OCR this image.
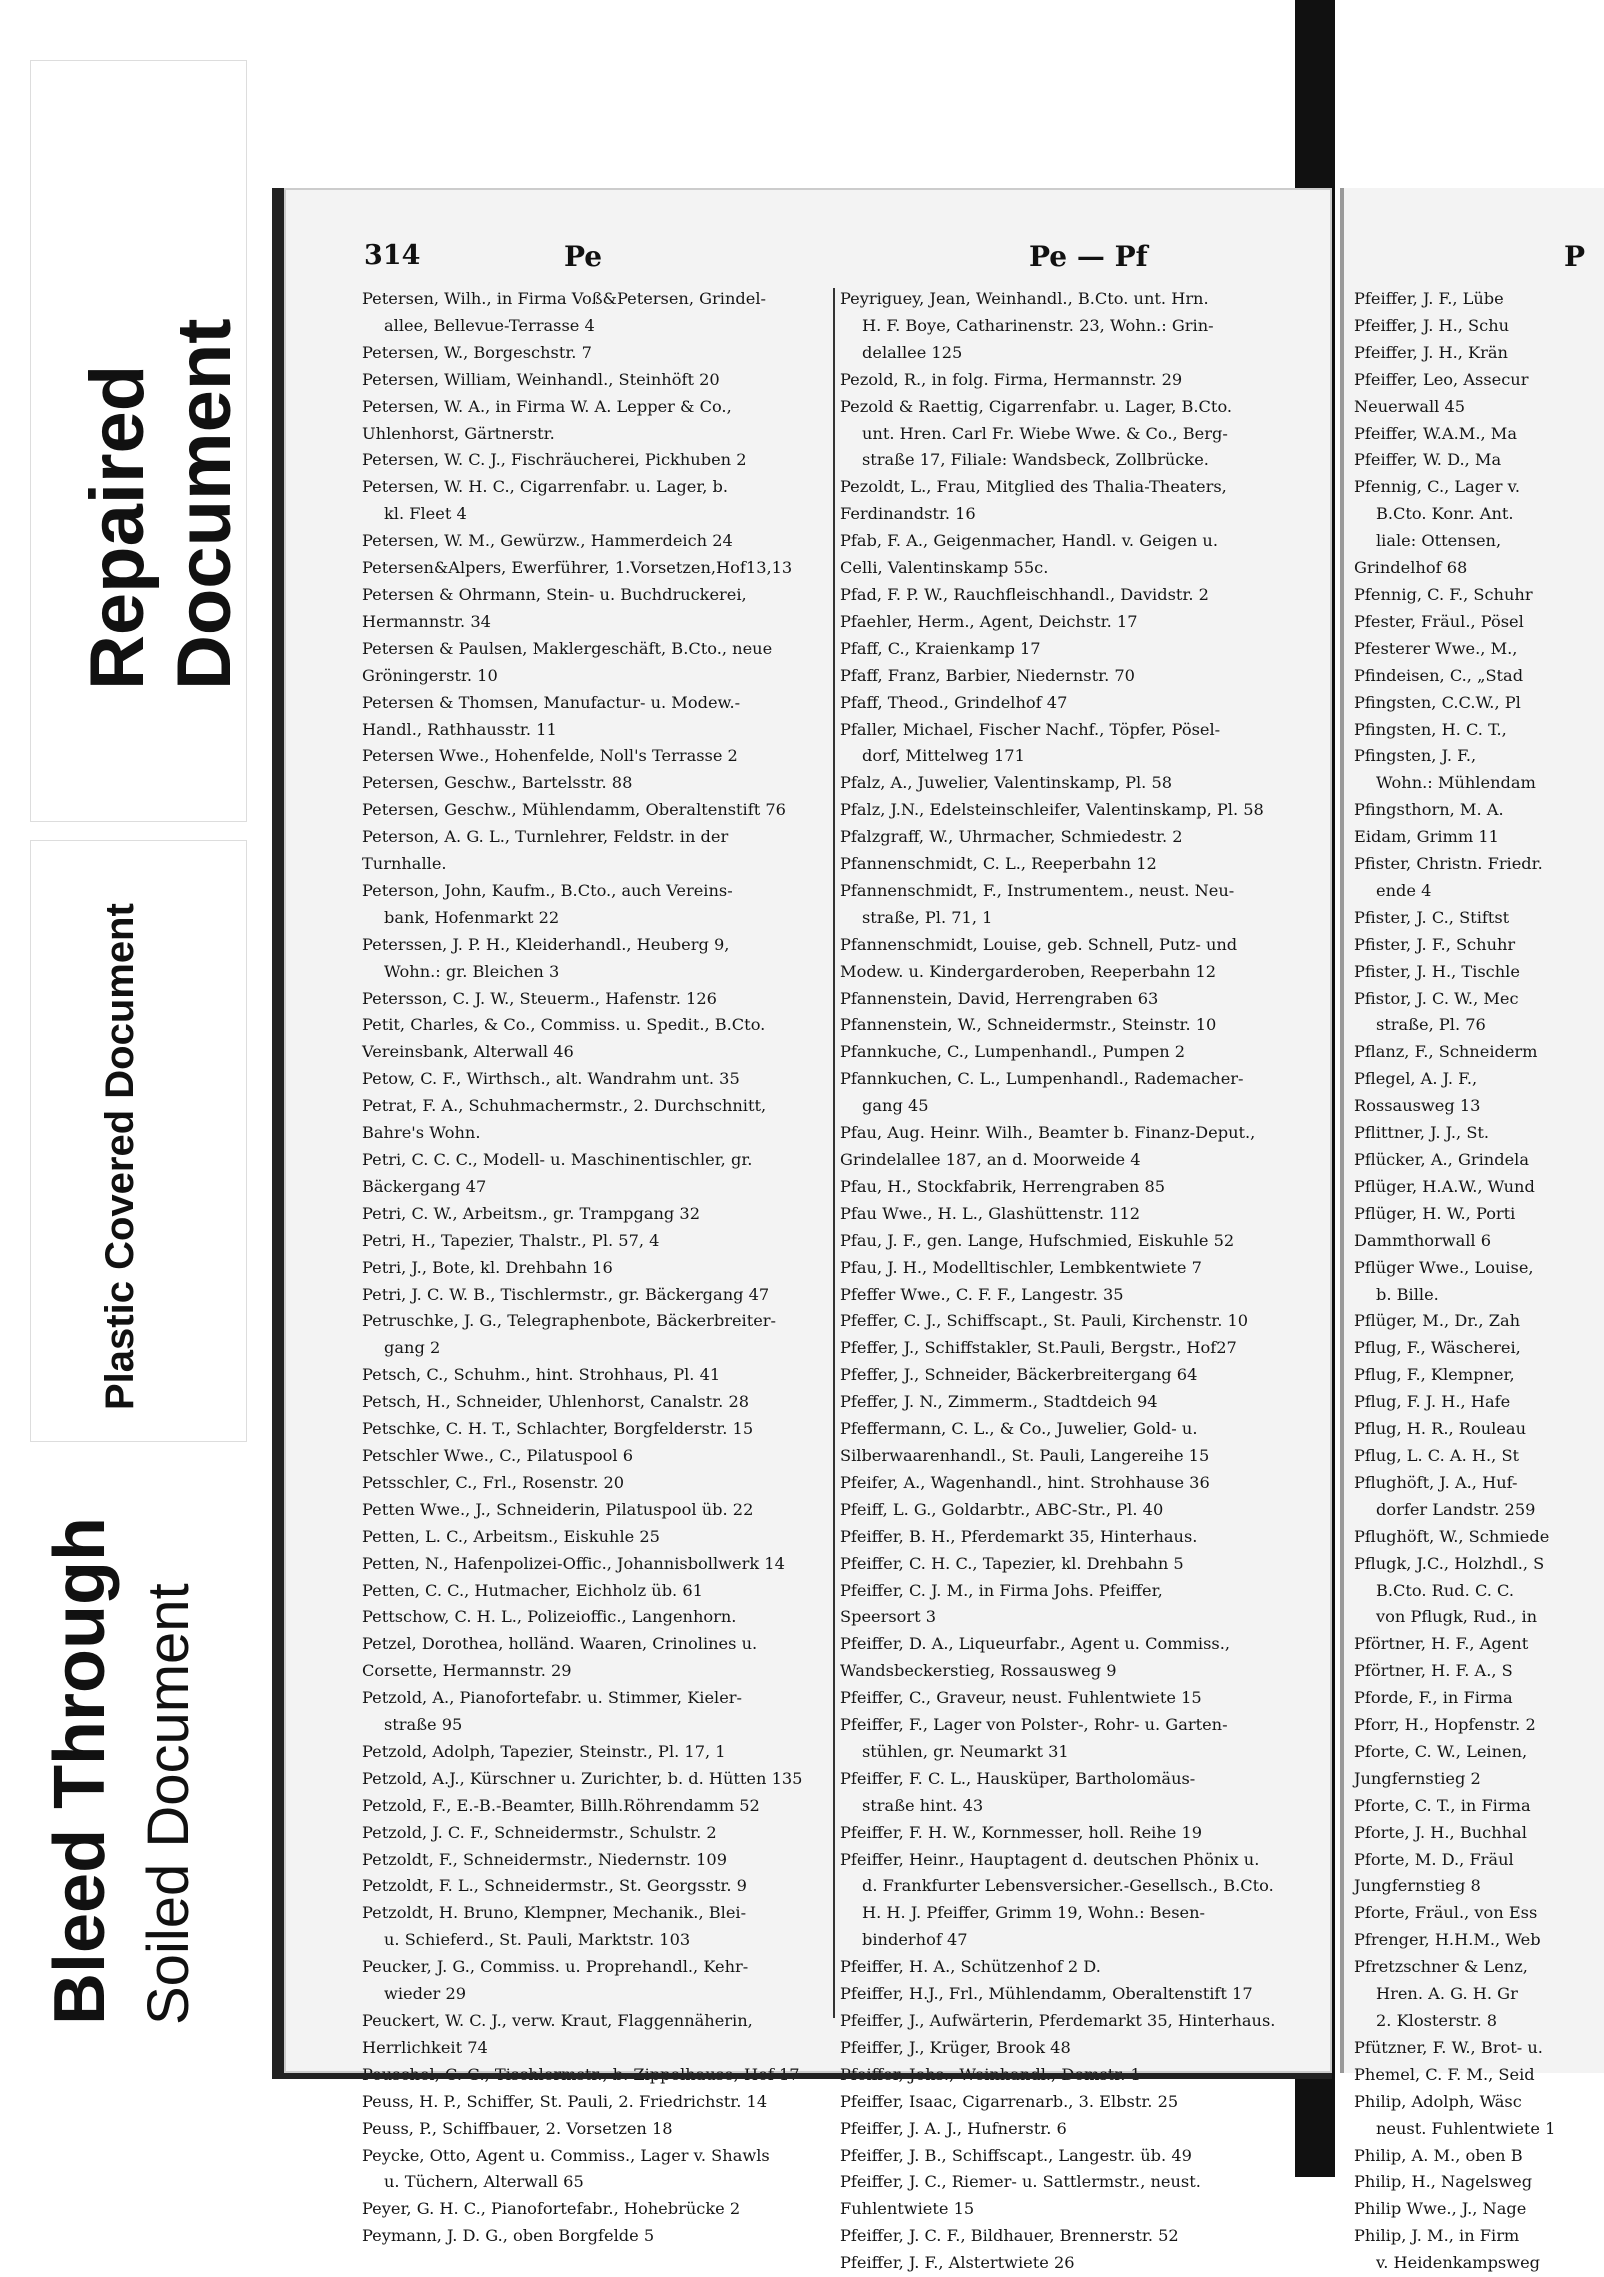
Repaired Document
Plastic Covered Document
Bleed Through Soiled Document
314	Pe	Pe — Pf
Petersen, Wilh., in Firma Voß&Petersen, Grindel-
allee, Bellevue-Terrasse 4
Petersen, W., Borgeschstr. 7
Petersen, William, Weinhandl., Steinhöft 20
Petersen, W. A., in Firma W. A. Lepper & Co.,
Uhlenhorst, Gärtnerstr.
Petersen, W. C. J., Fischräucherei, Pickhuben 2
Petersen, W. H. C., Cigarrenfabr. u. Lager, b.
kl. Fleet 4
Petersen, W. M., Gewürzw., Hammerdeich 24
Petersen&Alpers, Ewerführer, 1.Vorsetzen,Hof13,13
Petersen & Ohrmann, Stein- u. Buchdruckerei,
Hermannstr. 34
Petersen & Paulsen, Maklergeschäft, B.Cto., neue
Gröningerstr. 10
Petersen & Thomsen, Manufactur- u. Modew.-
Handl., Rathhausstr. 11
Petersen Wwe., Hohenfelde, Noll's Terrasse 2
Petersen, Geschw., Bartelsstr. 88
Petersen, Geschw., Mühlendamm, Oberaltenstift 76
Peterson, A. G. L., Turnlehrer, Feldstr. in der
Turnhalle.
Peterson, John, Kaufm., B.Cto., auch Vereins-
bank, Hofenmarkt 22
Peterssen, J. P. H., Kleiderhandl., Heuberg 9,
Wohn.: gr. Bleichen 3
Petersson, C. J. W., Steuerm., Hafenstr. 126
Petit, Charles, & Co., Commiss. u. Spedit., B.Cto.
Vereinsbank, Alterwall 46
Petow, C. F., Wirthsch., alt. Wandrahm unt. 35
Petrat, F. A., Schuhmachermstr., 2. Durchschnitt,
Bahre's Wohn.
Petri, C. C. C., Modell- u. Maschinentischler, gr.
Bäckergang 47
Petri, C. W., Arbeitsm., gr. Trampgang 32
Petri, H., Tapezier, Thalstr., Pl. 57, 4
Petri, J., Bote, kl. Drehbahn 16
Petri, J. C. W. B., Tischlermstr., gr. Bäckergang 47
Petruschke, J. G., Telegraphenbote, Bäckerbreiter-
gang 2
Petsch, C., Schuhm., hint. Strohhaus, Pl. 41
Petsch, H., Schneider, Uhlenhorst, Canalstr. 28
Petschke, C. H. T., Schlachter, Borgfelderstr. 15
Petschler Wwe., C., Pilatuspool 6
Petsschler, C., Frl., Rosenstr. 20
Petten Wwe., J., Schneiderin, Pilatuspool üb. 22
Petten, L. C., Arbeitsm., Eiskuhle 25
Petten, N., Hafenpolizei-Offic., Johannisbollwerk 14
Petten, C. C., Hutmacher, Eichholz üb. 61
Pettschow, C. H. L., Polizeioffic., Langenhorn.
Petzel, Dorothea, holländ. Waaren, Crinolines u.
Corsette, Hermannstr. 29
Petzold, A., Pianofortefabr. u. Stimmer, Kieler-
straße 95
Petzold, Adolph, Tapezier, Steinstr., Pl. 17, 1
Petzold, A.J., Kürschner u. Zurichter, b. d. Hütten 135
Petzold, F., E.-B.-Beamter, Billh.Röhrendamm 52
Petzold, J. C. F., Schneidermstr., Schulstr. 2
Petzoldt, F., Schneidermstr., Niedernstr. 109
Petzoldt, F. L., Schneidermstr., St. Georgsstr. 9
Petzoldt, H. Bruno, Klempner, Mechanik., Blei-
u. Schieferd., St. Pauli, Marktstr. 103
Peucker, J. G., Commiss. u. Proprehandl., Kehr-
wieder 29
Peuckert, W. C. J., verw. Kraut, Flaggennäherin,
Herrlichkeit 74
Peuss, H. P., Schiffer, St. Pauli, 2. Friedrichstr. 14
Peuss, P., Schiffbauer, 2. Vorsetzen 18
Peycke, Otto, Agent u. Commiss., Lager v. Shawls
u. Tüchern, Alterwall 65
Peyer, G. H. C., Pianofortefabr., Hohebrücke 2
Peymann, J. D. G., oben Borgfelde 5
Peyriguey, Jean, Weinhandl., B.Cto. unt. Hrn.
H. F. Boye, Catharinenstr. 23, Wohn.: Grin-
delallee 125
Pezold, R., in folg. Firma, Hermannstr. 29
Pezold & Raettig, Cigarrenfabr. u. Lager, B.Cto.
unt. Hren. Carl Fr. Wiebe Wwe. & Co., Berg-
straße 17, Filiale: Wandsbeck, Zollbrücke.
Pezoldt, L., Frau, Mitglied des Thalia-Theaters,
Ferdinandstr. 16
Pfab, F. A., Geigenmacher, Handl. v. Geigen u.
Celli, Valentinskamp 55c.
Pfad, F. P. W., Rauchfleischhandl., Davidstr. 2
Pfaehler, Herm., Agent, Deichstr. 17
Pfaff, C., Kraienkamp 17
Pfaff, Franz, Barbier, Niedernstr. 70
Pfaff, Theod., Grindelhof 47
Pfaller, Michael, Fischer Nachf., Töpfer, Pösel-
dorf, Mittelweg 171
Pfalz, A., Juwelier, Valentinskamp, Pl. 58
Pfalz, J.N., Edelsteinschleifer, Valentinskamp, Pl. 58
Pfalzgraff, W., Uhrmacher, Schmiedestr. 2
Pfannenschmidt, C. L., Reeperbahn 12
Pfannenschmidt, F., Instrumentem., neust. Neu-
straße, Pl. 71, 1
Pfannenschmidt, Louise, geb. Schnell, Putz- und
Modew. u. Kindergarderoben, Reeperbahn 12
Pfannenstein, David, Herrengraben 63
Pfannenstein, W., Schneidermstr., Steinstr. 10
Pfannkuche, C., Lumpenhandl., Pumpen 2
Pfannkuchen, C. L., Lumpenhandl., Rademacher-
gang 45
Pfau, Aug. Heinr. Wilh., Beamter b. Finanz-Deput.,
Grindelallee 187, an d. Moorweide 4
Pfau, H., Stockfabrik, Herrengraben 85
Pfau Wwe., H. L., Glashüttenstr. 112
Pfau, J. F., gen. Lange, Hufschmied, Eiskuhle 52
Pfau, J. H., Modelltischler, Lembkentwiete 7
Pfeffer Wwe., C. F. F., Langestr. 35
Pfeffer, C. J., Schiffscapt., St. Pauli, Kirchenstr. 10
Pfeffer, J., Schiffstakler, St.Pauli, Bergstr., Hof27
Pfeffer, J., Schneider, Bäckerbreitergang 64
Pfeffer, J. N., Zimmerm., Stadtdeich 94
Pfeffermann, C. L., & Co., Juwelier, Gold- u.
Silberwaarenhandl., St. Pauli, Langereihe 15
Pfeifer, A., Wagenhandl., hint. Strohhause 36
Pfeiff, L. G., Goldarbtr., ABC-Str., Pl. 40
Pfeiffer, B. H., Pferdemarkt 35, Hinterhaus.
Pfeiffer, C. H. C., Tapezier, kl. Drehbahn 5
Pfeiffer, C. J. M., in Firma Johs. Pfeiffer,
Speersort 3
Pfeiffer, D. A., Liqueurfabr., Agent u. Commiss.,
Wandsbeckerstieg, Rossausweg 9
Pfeiffer, C., Graveur, neust. Fuhlentwiete 15
Pfeiffer, F., Lager von Polster-, Rohr- u. Garten-
stühlen, gr. Neumarkt 31
Pfeiffer, F. C. L., Hausküper, Bartholomäus-
straße hint. 43
Pfeiffer, F. H. W., Kornmesser, holl. Reihe 19
Pfeiffer, Heinr., Hauptagent d. deutschen Phönix u.
d. Frankfurter Lebensversicher.-Gesellsch., B.Cto.
H. H. J. Pfeiffer, Grimm 19, Wohn.: Besen-
binderhof 47
Pfeiffer, H. A., Schützenhof 2 D.
Pfeiffer, H.J., Frl., Mühlendamm, Oberaltenstift 17
Pfeiffer, J., Aufwärterin, Pferdemarkt 35, Hinterhaus.
Pfeiffer, J., Krüger, Brook 48
Pfeiffer, Isaac, Cigarrenarb., 3. Elbstr. 25
Pfeiffer, J. A. J., Hufnerstr. 6
Pfeiffer, J. B., Schiffscapt., Langestr. üb. 49
Pfeiffer, J. C., Riemer- u. Sattlermstr., neust.
Fuhlentwiete 15
Pfeiffer, J. C. F., Bildhauer, Brennerstr. 52
Pfeiffer, J. F., Alstertwiete 26
P
Pfeiffer, J. F., Lübe
Pfeiffer, J. H., Schu
Pfeiffer, J. H., Krän
Pfeiffer, Leo, Assecur
Neuerwall 45
Pfeiffer, W.A.M., Ma
Pfeiffer, W. D., Ma
Pfennig, C., Lager v.
B.Cto. Konr. Ant.
liale: Ottensen,
Grindelhof 68
Pfennig, C. F., Schuhr
Pfester, Fräul., Pösel
Pfesterer Wwe., M.,
Pfindeisen, C., „Stad
Pfingsten, C.C.W., Pl
Pfingsten, H. C. T.,
Pfingsten, J. F.,
Wohn.: Mühlendam
Pfingsthorn, M. A.
Eidam, Grimm 11
Pfister, Christn. Friedr.
ende 4
Pfister, J. C., Stiftst
Pfister, J. F., Schuhr
Pfister, J. H., Tischle
Pfistor, J. C. W., Mec
straße, Pl. 76
Pflanz, F., Schneiderm
Pflegel, A. J. F.,
Rossausweg 13
Pflittner, J. J., St.
Pflücker, A., Grindela
Pflüger, H.A.W., Wund
Pflüger, H. W., Porti
Dammthorwall 6
Pflüger Wwe., Louise,
b. Bille.
Pflüger, M., Dr., Zah
Pflug, F., Wäscherei,
Pflug, F., Klempner,
Pflug, F. J. H., Hafe
Pflug, H. R., Rouleau
Pflug, L. C. A. H., St
Pflughöft, J. A., Huf-
dorfer Landstr. 259
Pflughöft, W., Schmiede
Pflugk, J.C., Holzhdl., S
B.Cto. Rud. C. C.
von Pflugk, Rud., in
Pförtner, H. F., Agent
Pförtner, H. F. A., S
Pforde, F., in Firma
Pforr, H., Hopfenstr. 2
Pforte, C. W., Leinen,
Jungfernstieg 2
Pforte, C. T., in Firma
Pforte, J. H., Buchhal
Pforte, M. D., Fräul
Jungfernstieg 8
Pforte, Fräul., von Ess
Pfrenger, H.H.M., Web
Pfretzschner & Lenz,
Hren. A. G. H. Gr
2. Klosterstr. 8
Pfützner, F. W., Brot- u.
Phemel, C. F. M., Seid
Philip, Adolph, Wäsc
neust. Fuhlentwiete 1
Philip, A. M., oben B
Philip, H., Nagelsweg
Philip Wwe., J., Nage
Philip, J. M., in Firm
v. Heidenkampsweg
